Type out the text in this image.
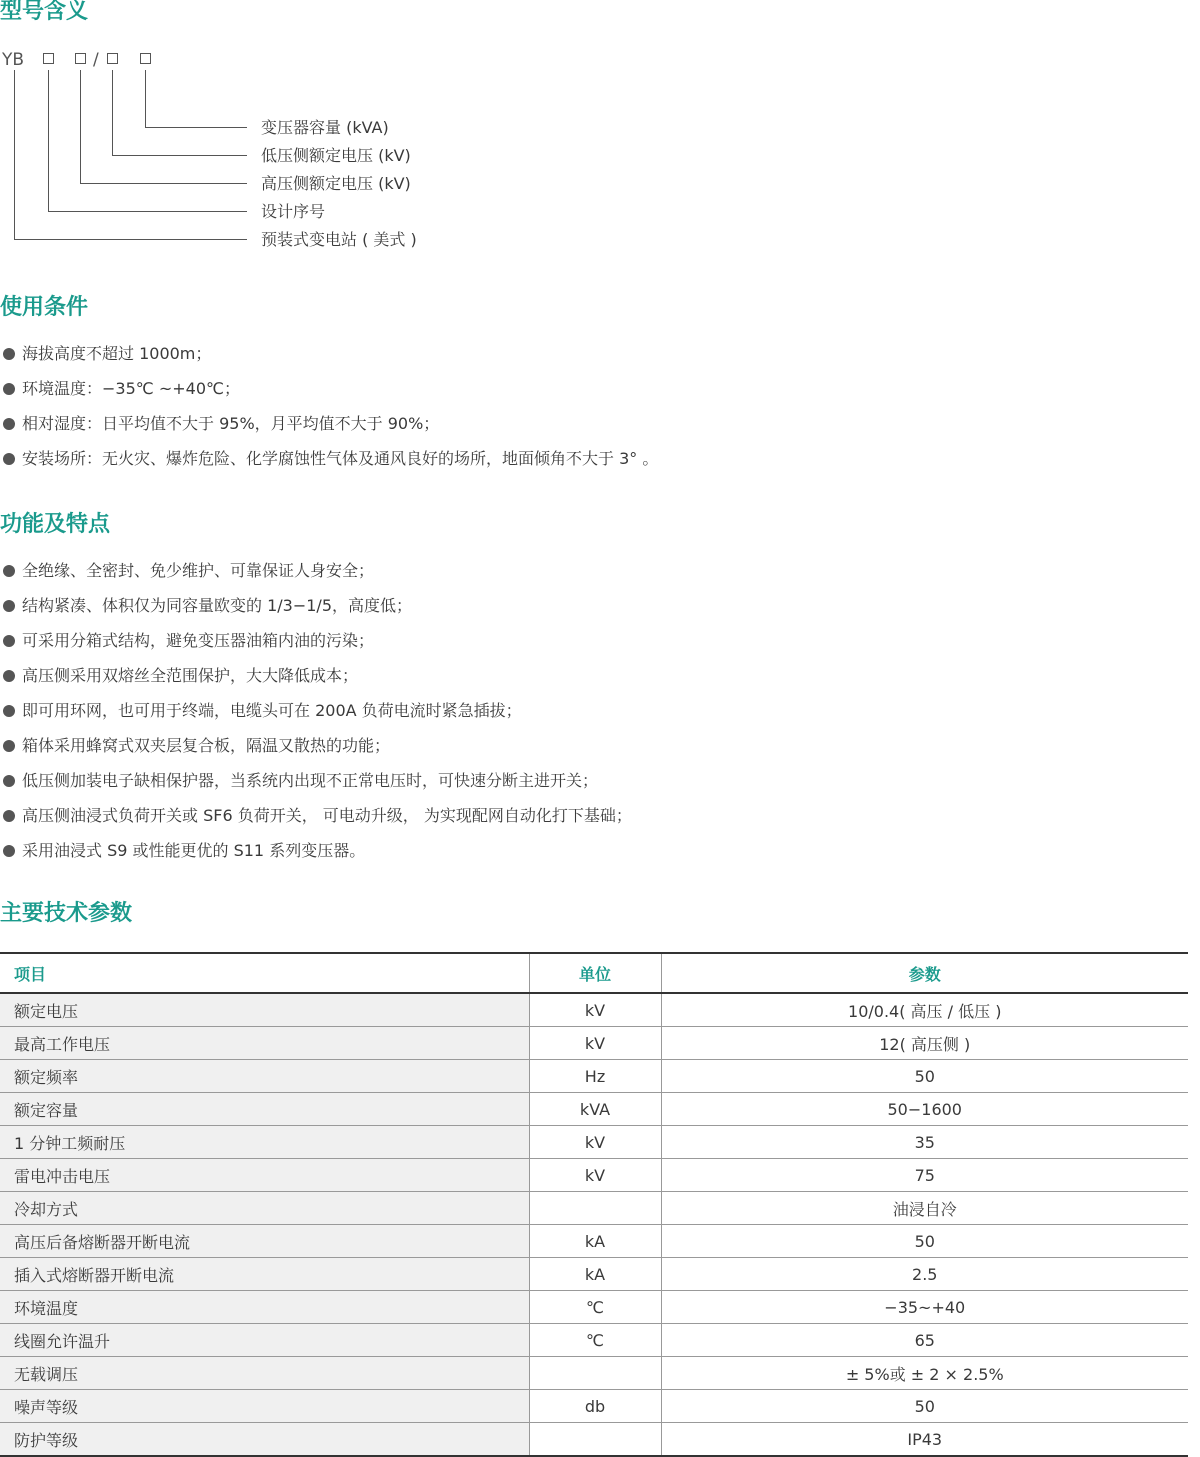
型号含义
YB	/
变压器容量 (kVA)
低压侧额定电压 (kV)
高压侧额定电压 (kV)
设计序号
预装式变电站 ( 美式 )
使用条件
海拔高度不超过 1000m；
环境温度：−35℃ ~+40℃；
相对湿度：日平均值不大于 95%，月平均值不大于 90%；
安装场所：无火灾、爆炸危险、化学腐蚀性气体及通风良好的场所，地面倾角不大于 3° 。
功能及特点
全绝缘、全密封、免少维护、可靠保证人身安全；
结构紧凑、体积仅为同容量欧变的 1/3−1/5，高度低；
可采用分箱式结构，避免变压器油箱内油的污染；
高压侧采用双熔丝全范围保护，大大降低成本；
即可用环网，也可用于终端，电缆头可在 200A 负荷电流时紧急插拔；
箱体采用蜂窝式双夹层复合板，隔温又散热的功能；
低压侧加装电子缺相保护器，当系统内出现不正常电压时，可快速分断主进开关；
高压侧油浸式负荷开关或 SF6 负荷开关， 可电动升级， 为实现配网自动化打下基础；
采用油浸式 S9 或性能更优的 S11 系列变压器。
主要技术参数
项目	单位	参数
额定电压	kV	10/0.4( 高压 / 低压 )
最高工作电压	kV	12( 高压侧 )
额定频率	Hz	50
额定容量	kVA	50−1600
1 分钟工频耐压	kV	35
雷电冲击电压	kV	75
冷却方式		油浸自冷
高压后备熔断器开断电流	kA	50
插入式熔断器开断电流	kA	2.5
环境温度	℃	−35~+40
线圈允许温升	℃	65
无载调压		± 5%或 ± 2 × 2.5%
噪声等级	db	50
防护等级		IP43
